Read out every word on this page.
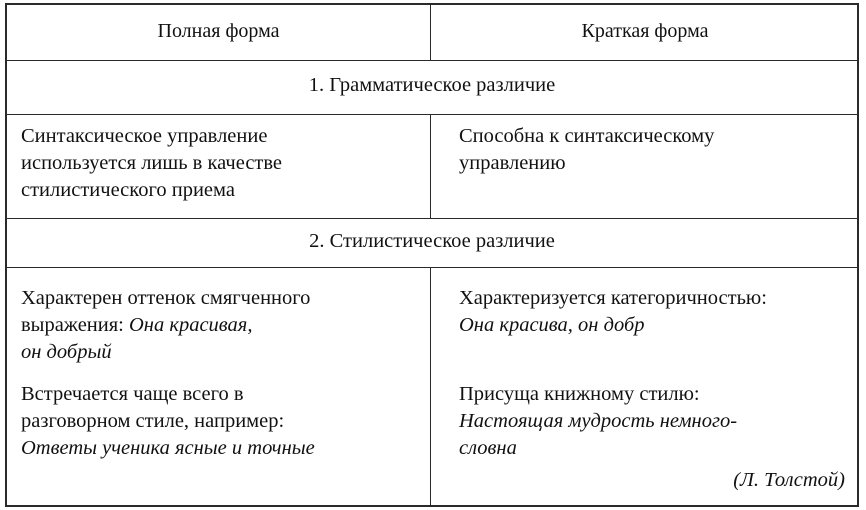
Полная форма	Краткая форма
1. Грамматическое различие
Синтаксическое управление
используется лишь в качестве
стилистического приема
Способна к синтаксическому
управлению
2. Стилистическое различие
Характерен оттенок смягченного
выражения: Она красивая,
он добрый
Встречается чаще всего в
разговорном стиле, например:
Ответы ученика ясные и точные
Характеризуется категоричностью:
Она красива, он добр
Присуща книжному стилю:
Настоящая мудрость немного-
словна
(Л. Толстой)
